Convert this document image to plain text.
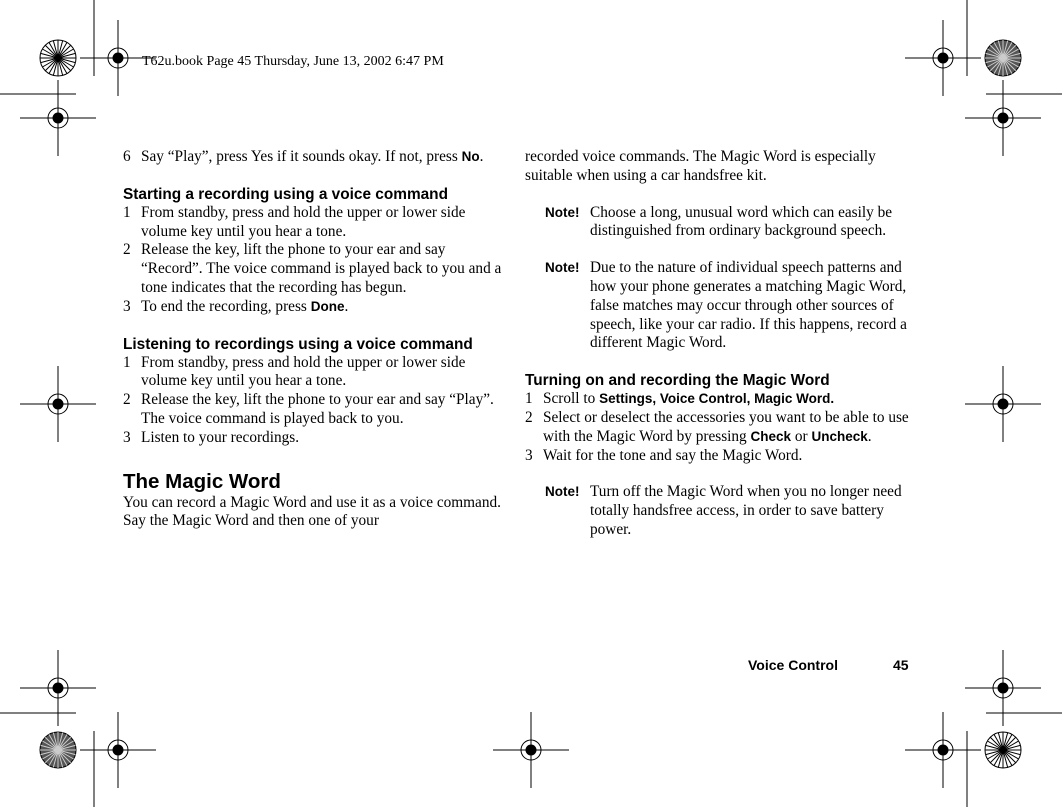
T62u.book Page 45 Thursday, June 13, 2002 6:47 PM
6 Say “Play”, press Yes if it sounds okay. If not, press No.
Starting a recording using a voice command
1 From standby, press and hold the upper or lower side volume key until you hear a tone.
2 Release the key, lift the phone to your ear and say “Record”. The voice command is played back to you and a tone indicates that the recording has begun.
3 To end the recording, press Done.
Listening to recordings using a voice command
1 From standby, press and hold the upper or lower side volume key until you hear a tone.
2 Release the key, lift the phone to your ear and say “Play”. The voice command is played back to you.
3 Listen to your recordings.
The Magic Word
You can record a Magic Word and use it as a voice command. Say the Magic Word and then one of your
recorded voice commands. The Magic Word is especially suitable when using a car handsfree kit.
Note! Choose a long, unusual word which can easily be distinguished from ordinary background speech.
Note! Due to the nature of individual speech patterns and how your phone generates a matching Magic Word, false matches may occur through other sources of speech, like your car radio. If this happens, record a different Magic Word.
Turning on and recording the Magic Word
1 Scroll to Settings, Voice Control, Magic Word.
2 Select or deselect the accessories you want to be able to use with the Magic Word by pressing Check or Uncheck.
3 Wait for the tone and say the Magic Word.
Note! Turn off the Magic Word when you no longer need totally handsfree access, in order to save battery power.
Voice Control	45
